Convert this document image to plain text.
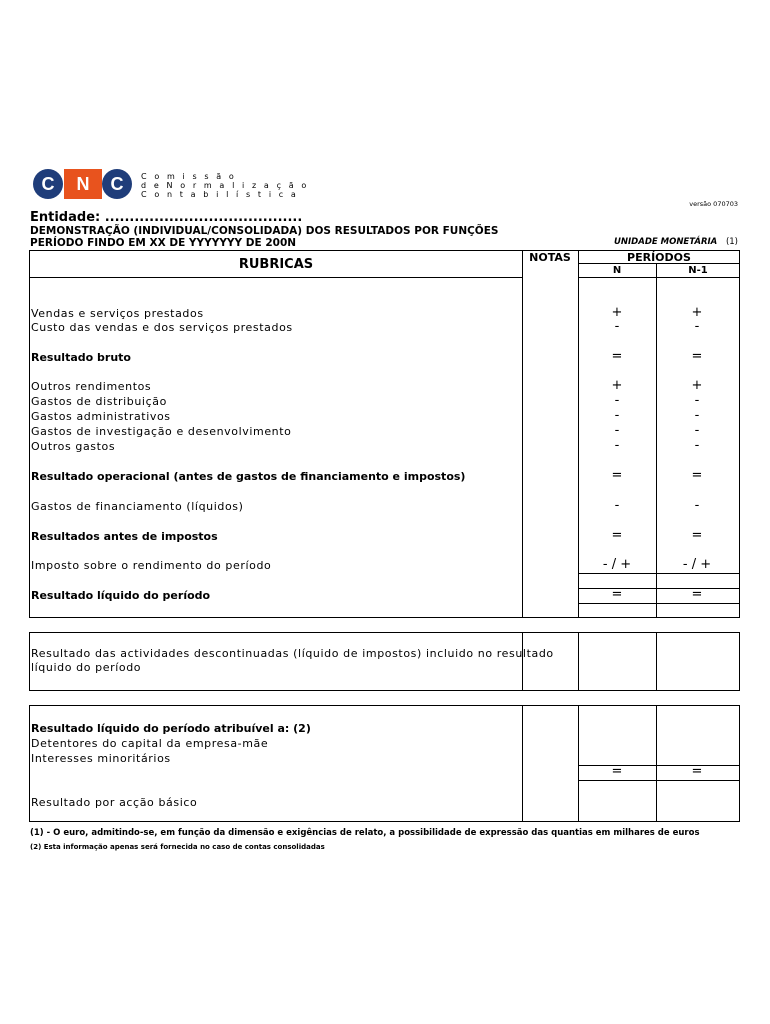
C	N	C	C o m i s s ã o
d e N o r m a l i z a ç ã o
C o n t a b i l í s t i c a
versão 070703
Entidade: ........................................
DEMONSTRAÇÃO (INDIVIDUAL/CONSOLIDADA) DOS RESULTADOS POR FUNÇÕES
PERÍODO FINDO EM XX DE YYYYYYY DE 200N	UNIDADE MONETÁRIA (1)
RUBRICAS	NOTAS	PERÍODOS
N	N-1
Vendas e serviços prestados	+	+
Custo das vendas e dos serviços prestados	-	-
Resultado bruto	=	=
Outros rendimentos	+	+
Gastos de distribuição	-	-
Gastos administrativos	-	-
Gastos de investigação e desenvolvimento	-	-
Outros gastos	-	-
Resultado operacional (antes de gastos de financiamento e impostos)	=	=
Gastos de financiamento (líquidos)	-	-
Resultados antes de impostos	=	=
Imposto sobre o rendimento do período	- / +	- / +
Resultado líquido do período	=	=
Resultado das actividades descontinuadas (líquido de impostos) incluido no resultado
líquido do período
Resultado líquido do período atribuível a: (2)
Detentores do capital da empresa-mãe
Interesses minoritários
=	=
Resultado por acção básico
(1) - O euro, admitindo-se, em função da dimensão e exigências de relato, a possibilidade de expressão das quantias em milhares de euros
(2) Esta informação apenas será fornecida no caso de contas consolidadas
